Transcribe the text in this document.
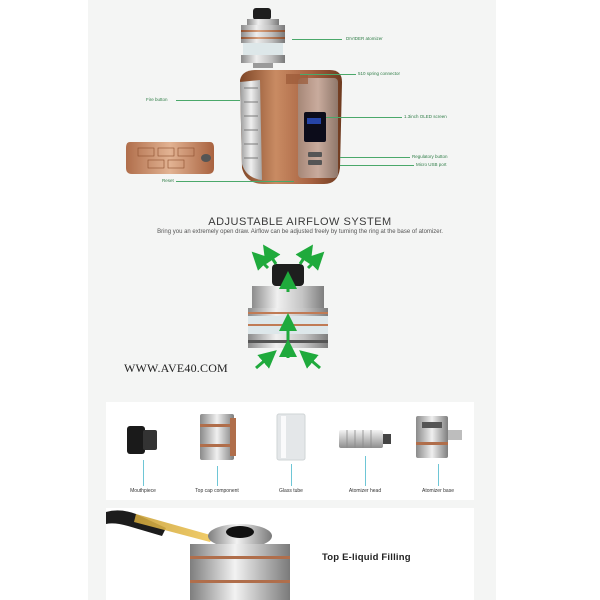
DIVIDER atomizer
510 spring connector
Fire button
1.3inch OLED screen
Regulatory button
Micro USB port
Reset
ADJUSTABLE AIRFLOW SYSTEM
Bring you an extremely open draw. Airflow can be adjusted freely by turning the ring at the base of atomizer.
WWW.AVE40.COM
Mouthpiece	Top cap component	Glass tube	Atomizer head	Atomizer base
Top E-liquid Filling
